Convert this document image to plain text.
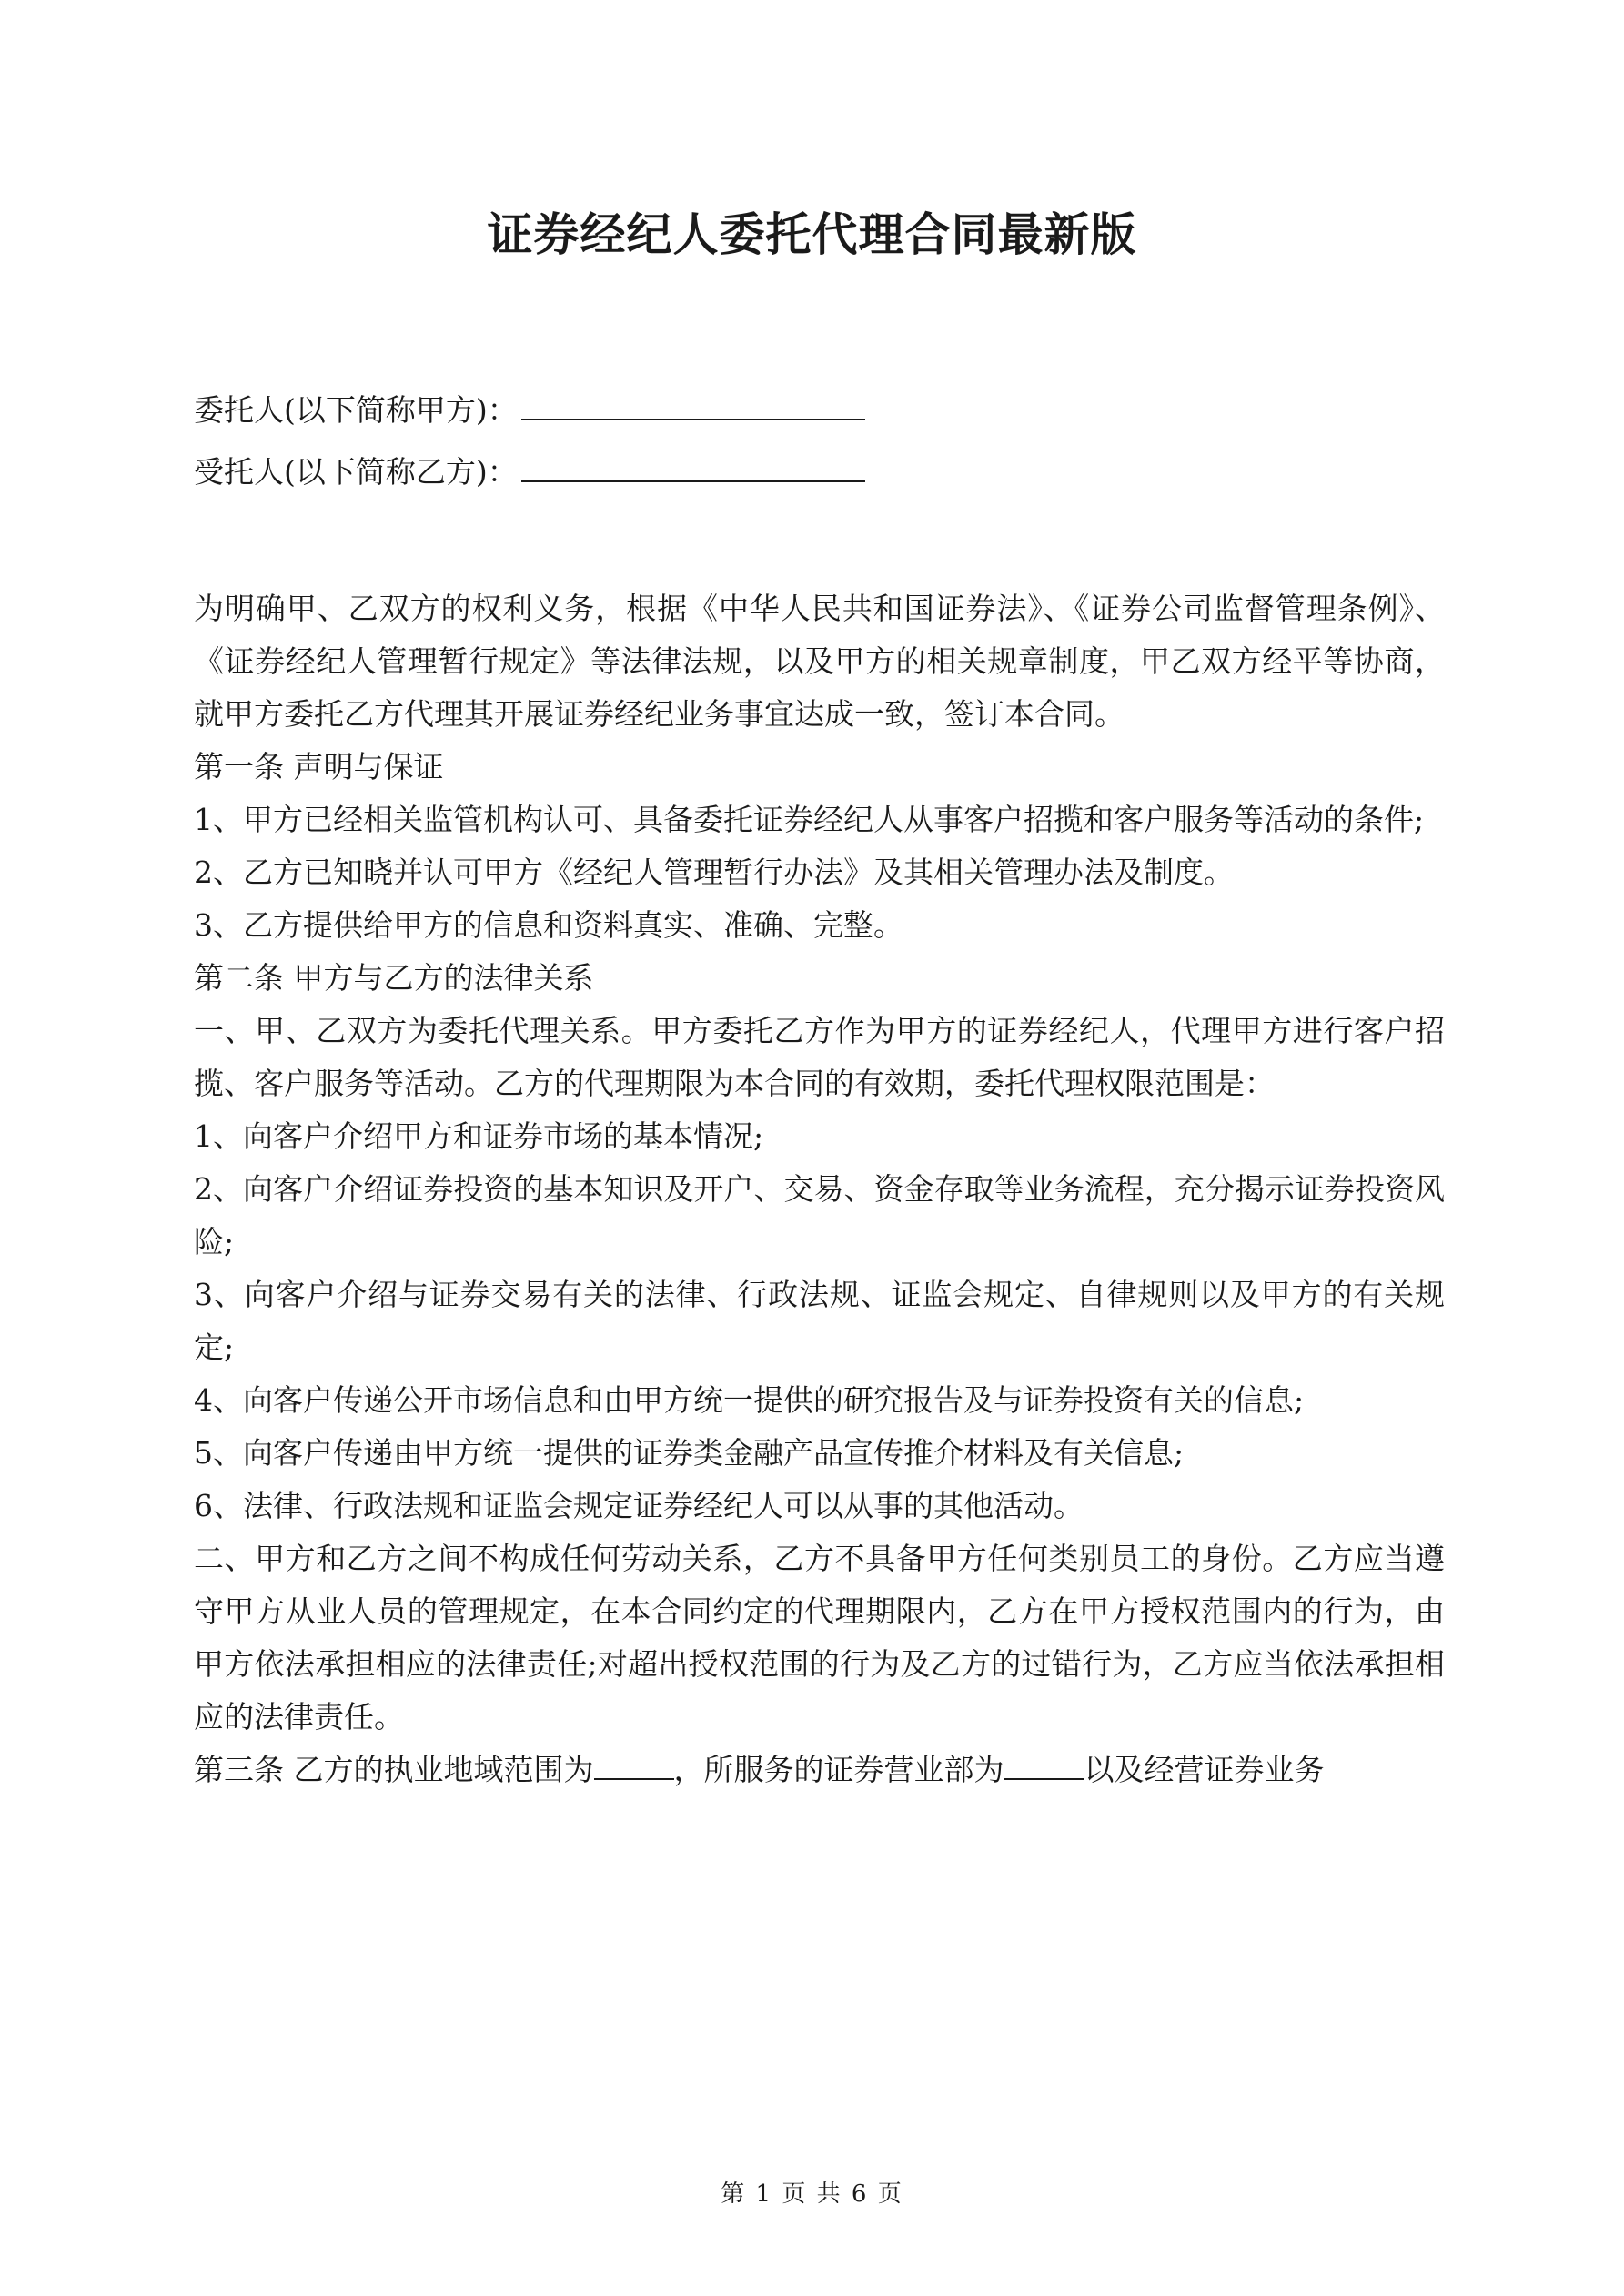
证券经纪人委托代理合同最新版
委托人(以下简称甲方)：
受托人(以下简称乙方)：

为明确甲、乙双方的权利义务，根据《中华人民共和国证券法》、《证券公司监督管理条例》、《证券经纪人管理暂行规定》等法律法规，以及甲方的相关规章制度，甲乙双方经平等协商，就甲方委托乙方代理其开展证券经纪业务事宜达成一致，签订本合同。

第一条 声明与保证

1、甲方已经相关监管机构认可、具备委托证券经纪人从事客户招揽和客户服务等活动的条件;

2、乙方已知晓并认可甲方《经纪人管理暂行办法》及其相关管理办法及制度。

3、乙方提供给甲方的信息和资料真实、准确、完整。

第二条 甲方与乙方的法律关系

一、甲、乙双方为委托代理关系。甲方委托乙方作为甲方的证券经纪人，代理甲方进行客户招揽、客户服务等活动。乙方的代理期限为本合同的有效期，委托代理权限范围是：

1、向客户介绍甲方和证券市场的基本情况;

2、向客户介绍证券投资的基本知识及开户、交易、资金存取等业务流程，充分揭示证券投资风险;

3、向客户介绍与证券交易有关的法律、行政法规、证监会规定、自律规则以及甲方的有关规定;

4、向客户传递公开市场信息和由甲方统一提供的研究报告及与证券投资有关的信息;

5、向客户传递由甲方统一提供的证券类金融产品宣传推介材料及有关信息;

6、法律、行政法规和证监会规定证券经纪人可以从事的其他活动。

二、甲方和乙方之间不构成任何劳动关系，乙方不具备甲方任何类别员工的身份。乙方应当遵守甲方从业人员的管理规定，在本合同约定的代理期限内，乙方在甲方授权范围内的行为，由甲方依法承担相应的法律责任;对超出授权范围的行为及乙方的过错行为，乙方应当依法承担相应的法律责任。

第三条 乙方的执业地域范围为	，所服务的证券营业部为	以及经营证券业务

第 1 页 共 6 页
